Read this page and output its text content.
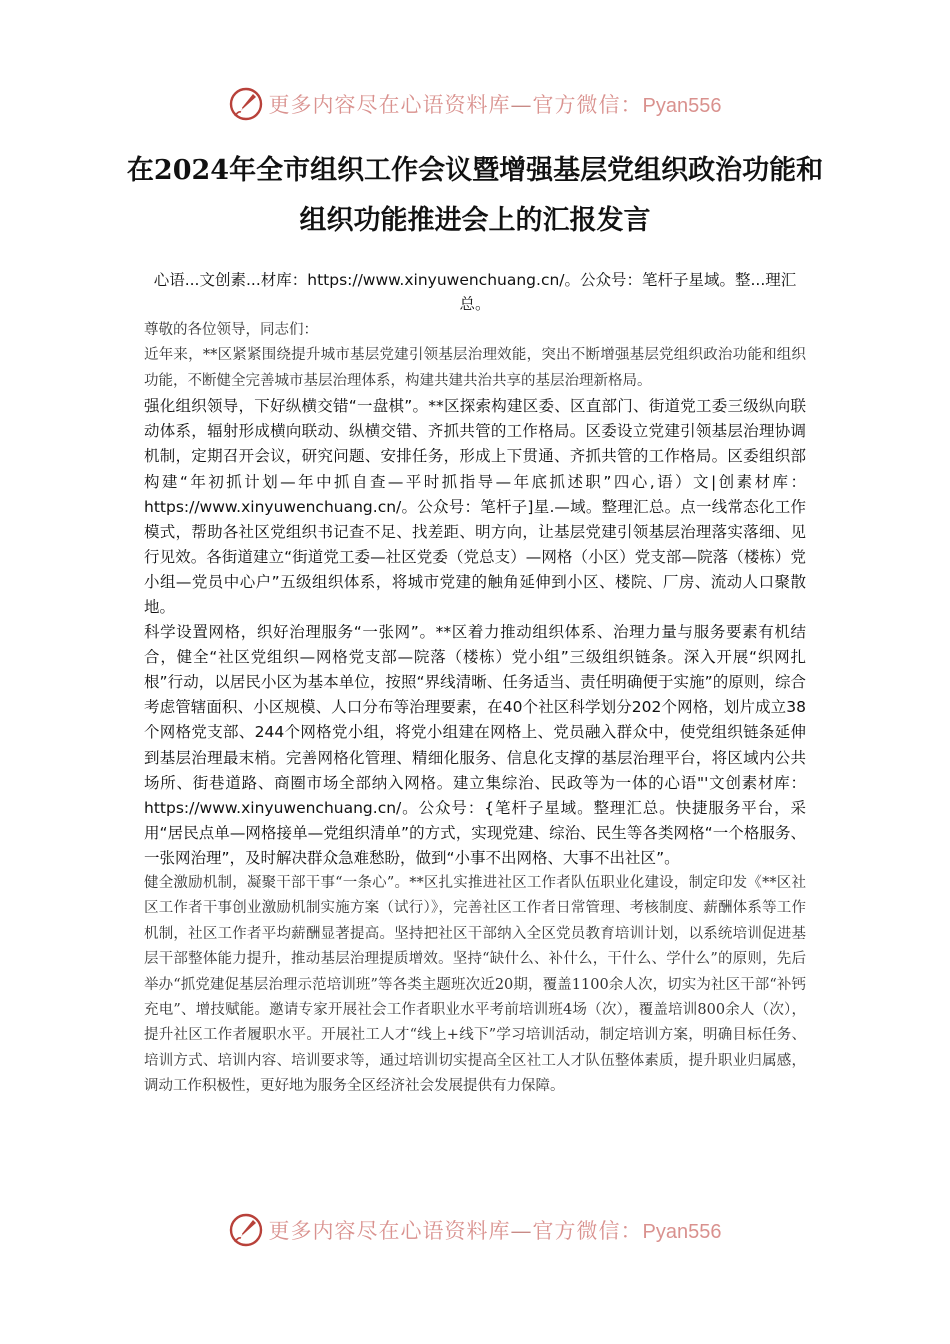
更多内容尽在心语资料库—官方微信：Pyan556
在2024年全市组织工作会议暨增强基层党组织政治功能和组织功能推进会上的汇报发言
心语...文创素...材库：https://www.xinyuwenchuang.cn/。公众号：笔杆子星域。整...理汇总。

尊敬的各位领导，同志们：

近年来，**区紧紧围绕提升城市基层党建引领基层治理效能，突出不断增强基层党组织政治功能和组织功能，不断健全完善城市基层治理体系，构建共建共治共享的基层治理新格局。

强化组织领导，下好纵横交错“一盘棋”。**区探索构建区委、区直部门、街道党工委三级纵向联动体系，辐射形成横向联动、纵横交错、齐抓共管的工作格局。区委设立党建引领基层治理协调机制，定期召开会议，研究问题、安排任务，形成上下贯通、齐抓共管的工作格局。区委组织部构建“年初抓计划—年中抓自查—平时抓指导—年底抓述职”四心,语）文|创素材库：https://www.xinyuwenchuang.cn/。公众号：笔杆子]星.—域。整理汇总。点一线常态化工作模式，帮助各社区党组织书记查不足、找差距、明方向，让基层党建引领基层治理落实落细、见行见效。各街道建立“街道党工委—社区党委（党总支）—网格（小区）党支部—院落（楼栋）党小组—党员中心户”五级组织体系，将城市党建的触角延伸到小区、楼院、厂房、流动人口聚散地。

科学设置网格，织好治理服务“一张网”。**区着力推动组织体系、治理力量与服务要素有机结合，健全“社区党组织—网格党支部—院落（楼栋）党小组”三级组织链条。深入开展“织网扎根”行动，以居民小区为基本单位，按照“界线清晰、任务适当、责任明确便于实施”的原则，综合考虑管辖面积、小区规模、人口分布等治理要素，在40个社区科学划分202个网格，划片成立38个网格党支部、244个网格党小组，将党小组建在网格上、党员融入群众中，使党组织链条延伸到基层治理最末梢。完善网格化管理、精细化服务、信息化支撑的基层治理平台，将区域内公共场所、街巷道路、商圈市场全部纳入网格。建立集综治、民政等为一体的心语"'文创素材库：https://www.xinyuwenchuang.cn/。公众号：{笔杆子星域。整理汇总。快捷服务平台，采用“居民点单—网格接单—党组织清单”的方式，实现党建、综治、民生等各类网格“一个格服务、一张网治理”，及时解决群众急难愁盼，做到“小事不出网格、大事不出社区”。

健全激励机制，凝聚干部干事“一条心”。**区扎实推进社区工作者队伍职业化建设，制定印发《**区社区工作者干事创业激励机制实施方案（试行）》，完善社区工作者日常管理、考核制度、薪酬体系等工作机制，社区工作者平均薪酬显著提高。坚持把社区干部纳入全区党员教育培训计划，以系统培训促进基层干部整体能力提升，推动基层治理提质增效。坚持“缺什么、补什么，干什么、学什么”的原则，先后举办“抓党建促基层治理示范培训班”等各类主题班次近20期，覆盖1100余人次，切实为社区干部“补钙充电”、增技赋能。邀请专家开展社会工作者职业水平考前培训班4场（次），覆盖培训800余人（次），提升社区工作者履职水平。开展社工人才“线上+线下”学习培训活动，制定培训方案，明确目标任务、培训方式、培训内容、培训要求等，通过培训切实提高全区社工人才队伍整体素质，提升职业归属感，调动工作积极性，更好地为服务全区经济社会发展提供有力保障。

更多内容尽在心语资料库—官方微信：Pyan556
